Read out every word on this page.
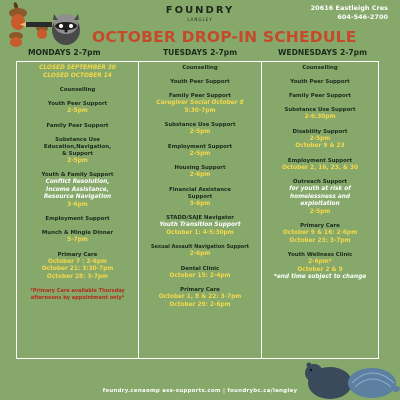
FOUNDRY
LANGLEY
20616 Eastleigh Cres
604-546-2700
OCTOBER DROP-IN SCHEDULE
MONDAYS 2-7pm	TUESDAYS 2-7pm	WEDNESDAYS 2-7pm

CLOSED SEPTEMBER 30

CLOSED OCTOBER 14

Counselling

Youth Peer Support

2-5pm

Family Peer Support

Substance Use

Education,Navigation,

& Support

2-5pm

Youth & Family Support

Conflict Resolution,

Income Assistance,

Resource Navigation

3-6pm

Employment Support

Munch & Mingle Dinner

5-7pm

Primary Care

October 7 : 2-6pm

October 21: 3:30-7pm

October 28: 3-7pm

*Primary Care available Thursday

afternoons by appointment only*

Counselling

Youth Peer Support

Family Peer Support

Caregiver Social October 8

5:30-7pm

Substance Use Support

2-5pm

Employment Support

2-5pm

Housing Support

2-6pm

Financial Assistance

Support

3-6pm

STADD/SAJE Navigator

Youth Transition Support

October 1: 4-5:30pm

Sexual Assault Navigation Support

2-6pm

Dental Clinic

October 15: 2-4pm

Primary Care

October 1, 8 & 22: 3-7pm

October 29: 2-6pm

Counselling

Youth Peer Support

Family Peer Support

Substance Use Support

2-6:30pm

Disability Support

2-5pm

October 9 & 23

Employment Support

October 2, 16, 23, & 30

Outreach Support

for youth at risk of

homelessness and

exploitation

2-5pm

Primary Care

October 9 & 16: 2-6pm

October 23: 3-7pm

Youth Wellness Clinic

2-6pm*

October 2 & 9

*end time subject to change

foundry.cenaomp ass-supports.com | foundrybc.ca/langley
